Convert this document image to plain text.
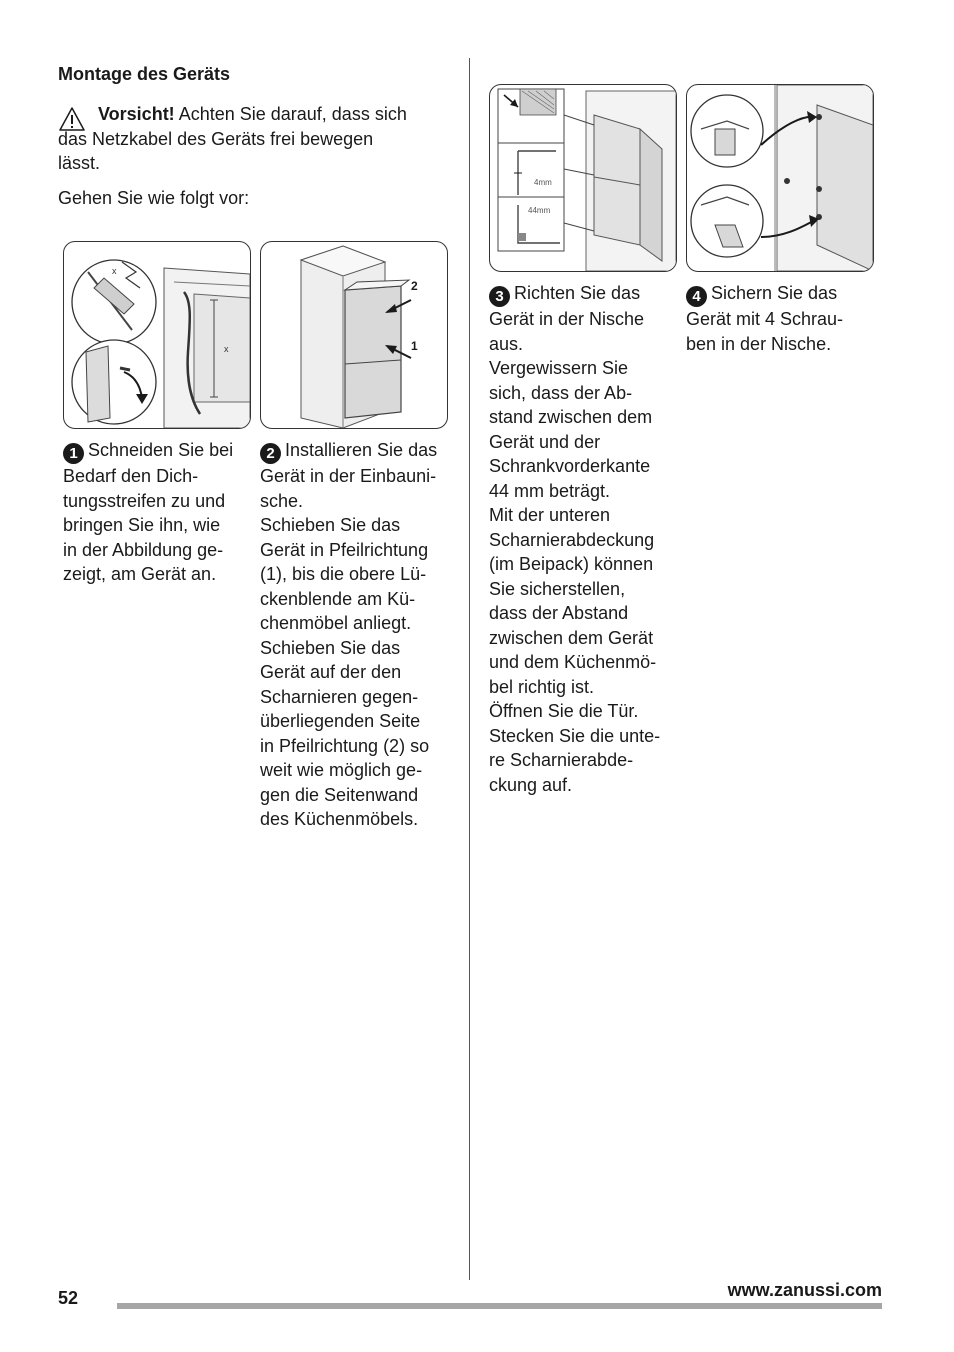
Montage des Geräts
Vorsicht! Achten Sie darauf, dass sich
das Netzkabel des Geräts frei bewegen
lässt.
Gehen Sie wie folgt vor:
x
x
2
1
4mm
44mm
1 Schneiden Sie bei
Bedarf den Dich-
tungsstreifen zu und
bringen Sie ihn, wie
in der Abbildung ge-
zeigt, am Gerät an.
2 Installieren Sie das
Gerät in der Einbauni-
sche.
Schieben Sie das
Gerät in Pfeilrichtung
(1), bis die obere Lü-
ckenblende am Kü-
chenmöbel anliegt.
Schieben Sie das
Gerät auf der den
Scharnieren gegen-
überliegenden Seite
in Pfeilrichtung (2) so
weit wie möglich ge-
gen die Seitenwand
des Küchenmöbels.
3 Richten Sie das
Gerät in der Nische
aus.
Vergewissern Sie
sich, dass der Ab-
stand zwischen dem
Gerät und der
Schrankvorderkante
44 mm beträgt.
Mit der unteren
Scharnierabdeckung
(im Beipack) können
Sie sicherstellen,
dass der Abstand
zwischen dem Gerät
und dem Küchenmö-
bel richtig ist.
Öffnen Sie die Tür.
Stecken Sie die unte-
re Scharnierabde-
ckung auf.
4 Sichern Sie das
Gerät mit 4 Schrau-
ben in der Nische.
52	www.zanussi.com
